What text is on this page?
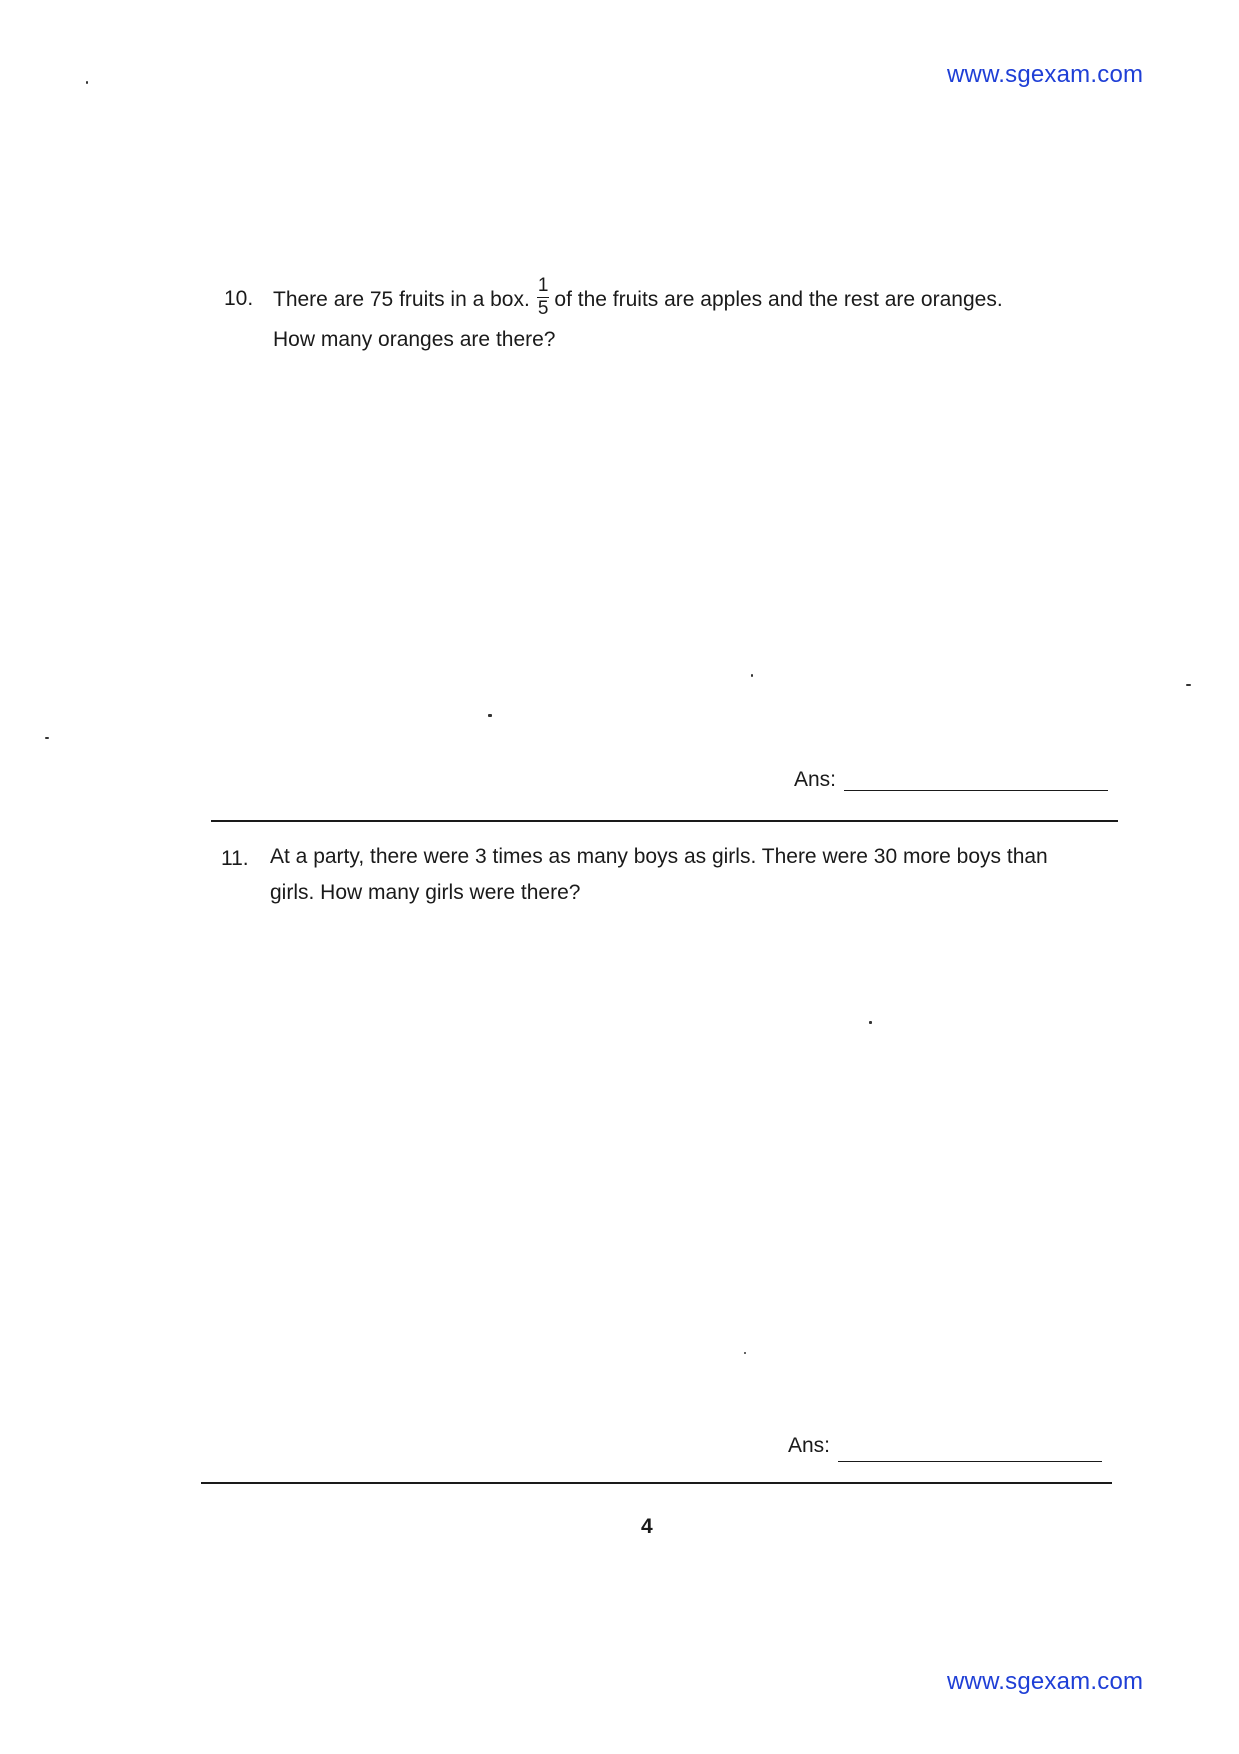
www.sgexam.com
10. There are 75 fruits in a box. $\frac{1}{5}$ of the fruits are apples and the rest are oranges.
How many oranges are there?
Ans:
11. At a party, there were 3 times as many boys as girls. There were 30 more boys than
girls. How many girls were there?
Ans:
4
www.sgexam.com
